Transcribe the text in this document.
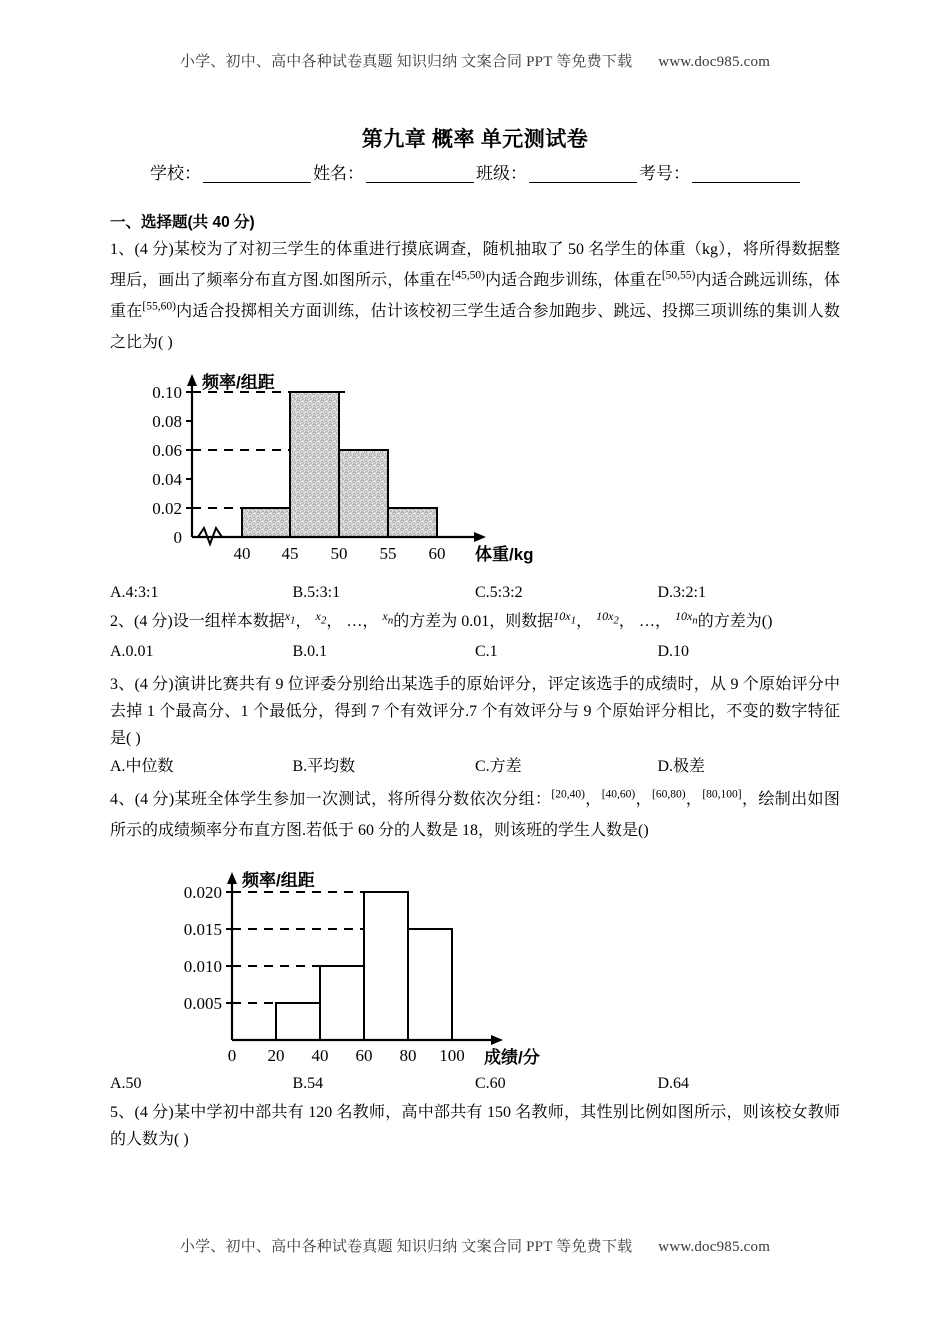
小学、初中、高中各种试卷真题 知识归纳 文案合同 PPT 等免费下载 www.doc985.com
第九章 概率 单元测试卷
学校：	姓名：	班级：	考号：
一、选择题(共 40 分)

1、(4 分)某校为了对初三学生的体重进行摸底调查，随机抽取了 50 名学生的体重（kg），将所得数据整理后，画出了频率分布直方图.如图所示，体重在$^{[45,50)}$内适合跑步训练，体重在$^{[50,55)}$内适合跳远训练，体重在$^{[55,60)}$内适合投掷相关方面训练，估计该校初三学生适合参加跑步、跳远、投掷三项训练的集训人数之比为( )

0.10
0.08
0.06
0.04
0.02
0
40 45 50 55 60
频率/组距
体重/kg
A.4:3:1	B.5:3:1	C.5:3:2	D.3:2:1

2、(4 分)设一组样本数据$^{x_1}$， $^{x_2}$， …， $^{x_n}$的方差为 0.01，则数据$^{10x_1}$， $^{10x_2}$， …， $^{10x_n}$的方差为()

A.0.01	B.0.1	C.1	D.10

3、(4 分)演讲比赛共有 9 位评委分别给出某选手的原始评分，评定该选手的成绩时，从 9 个原始评分中去掉 1 个最高分、1 个最低分，得到 7 个有效评分.7 个有效评分与 9 个原始评分相比，不变的数字特征是( )

A.中位数	B.平均数	C.方差	D.极差

4、(4 分)某班全体学生参加一次测试，将所得分数依次分组：$^{[20,40)}$，$^{[40,60)}$，$^{[60,80)}$，[80,100]，绘制出如图所示的成绩频率分布直方图.若低于 60 分的人数是 18，则该班的学生人数是()

0.020
0.015
0.010
0.005
0 20 40 60 80 100
频率/组距
成绩/分
A.50	B.54	C.60	D.64

5、(4 分)某中学初中部共有 120 名教师，高中部共有 150 名教师，其性别比例如图所示，则该校女教师的人数为( )

小学、初中、高中各种试卷真题 知识归纳 文案合同 PPT 等免费下载 www.doc985.com
